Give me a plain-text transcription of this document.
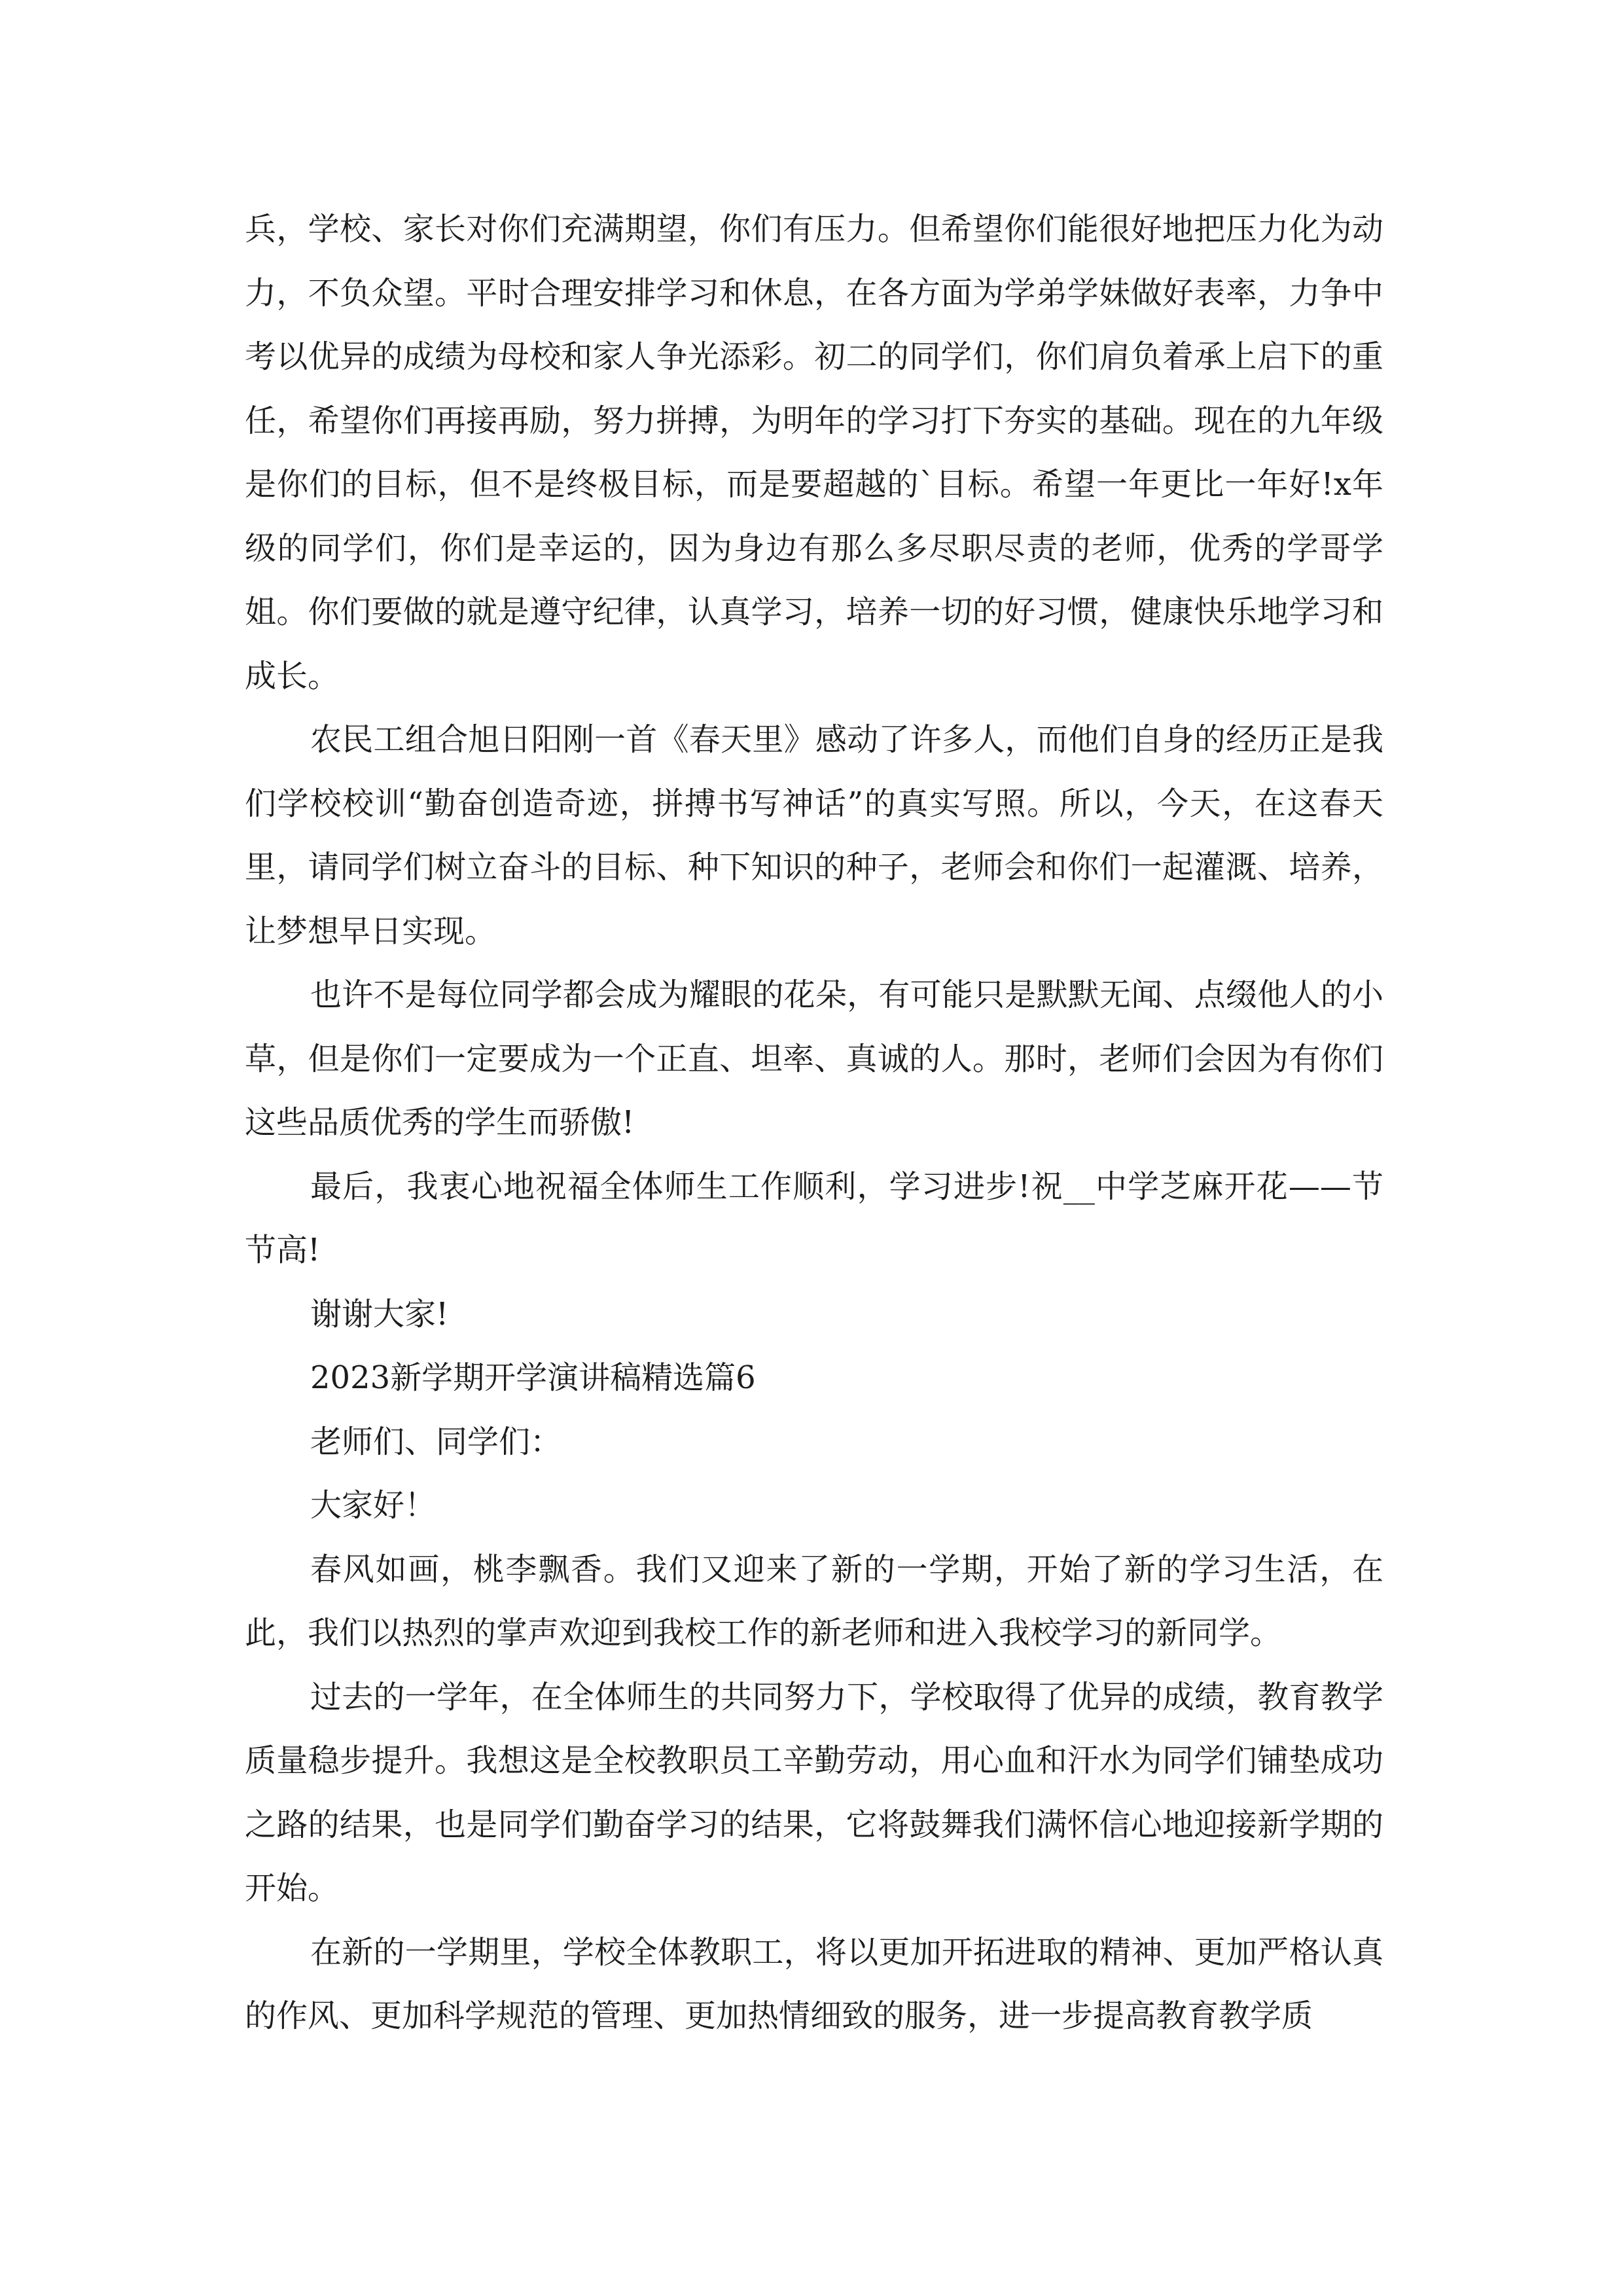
兵，学校、家长对你们充满期望，你们有压力。但希望你们能很好地把压力化为动力，不负众望。平时合理安排学习和休息，在各方面为学弟学妹做好表率，力争中考以优异的成绩为母校和家人争光添彩。初二的同学们，你们肩负着承上启下的重任，希望你们再接再励，努力拼搏，为明年的学习打下夯实的基础。现在的九年级是你们的目标，但不是终极目标，而是要超越的`目标。希望一年更比一年好!x年级的同学们，你们是幸运的，因为身边有那么多尽职尽责的老师，优秀的学哥学姐。你们要做的就是遵守纪律，认真学习，培养一切的好习惯，健康快乐地学习和成长。

农民工组合旭日阳刚一首《春天里》感动了许多人，而他们自身的经历正是我们学校校训“勤奋创造奇迹，拼搏书写神话”的真实写照。所以，今天，在这春天里，请同学们树立奋斗的目标、种下知识的种子，老师会和你们一起灌溉、培养，让梦想早日实现。

也许不是每位同学都会成为耀眼的花朵，有可能只是默默无闻、点缀他人的小草，但是你们一定要成为一个正直、坦率、真诚的人。那时，老师们会因为有你们这些品质优秀的学生而骄傲!

最后，我衷心地祝福全体师生工作顺利，学习进步!祝__中学芝麻开花——节节高!

谢谢大家!

2023新学期开学演讲稿精选篇6

老师们、同学们：

大家好！

春风如画，桃李飘香。我们又迎来了新的一学期，开始了新的学习生活，在此，我们以热烈的掌声欢迎到我校工作的新老师和进入我校学习的新同学。

过去的一学年，在全体师生的共同努力下，学校取得了优异的成绩，教育教学质量稳步提升。我想这是全校教职员工辛勤劳动，用心血和汗水为同学们铺垫成功之路的结果，也是同学们勤奋学习的结果，它将鼓舞我们满怀信心地迎接新学期的开始。

在新的一学期里，学校全体教职工，将以更加开拓进取的精神、更加严格认真的作风、更加科学规范的管理、更加热情细致的服务，进一步提高教育教学质
